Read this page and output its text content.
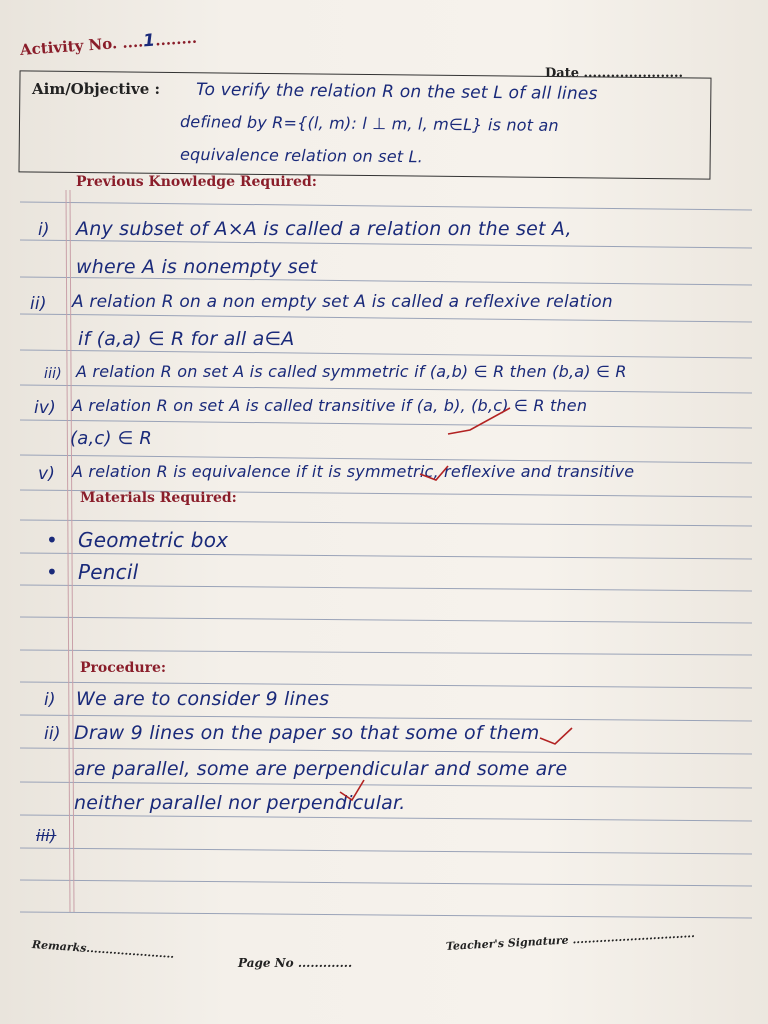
Activity No. ....1........
Date ......................
Aim/Objective : To verify the relation R on the set L of all lines
defined by R={(l, m): l ⊥ m, l, m∈L} is not an
equivalence relation on set L.
Previous Knowledge Required:
i) Any subset of A×A is called a relation on the set A,
where A is nonempty set
ii) A relation R on a non empty set A is called a reflexive relation
if (a,a) ∈ R for all a∈A
iii) A relation R on set A is called symmetric if (a,b) ∈ R then (b,a) ∈ R
iv) A relation R on set A is called transitive if (a, b), (b,c) ∈ R then
(a,c) ∈ R
v) A relation R is equivalence if it is symmetric, reflexive and transitive
Materials Required:
• Geometric box
• Pencil
Procedure:
i) We are to consider 9 lines
ii) Draw 9 lines on the paper so that some of them
are parallel, some are perpendicular and some are
neither parallel nor perpendicular.
iii)
Remarks.......................
Page No .............
Teacher's Signature ................................
